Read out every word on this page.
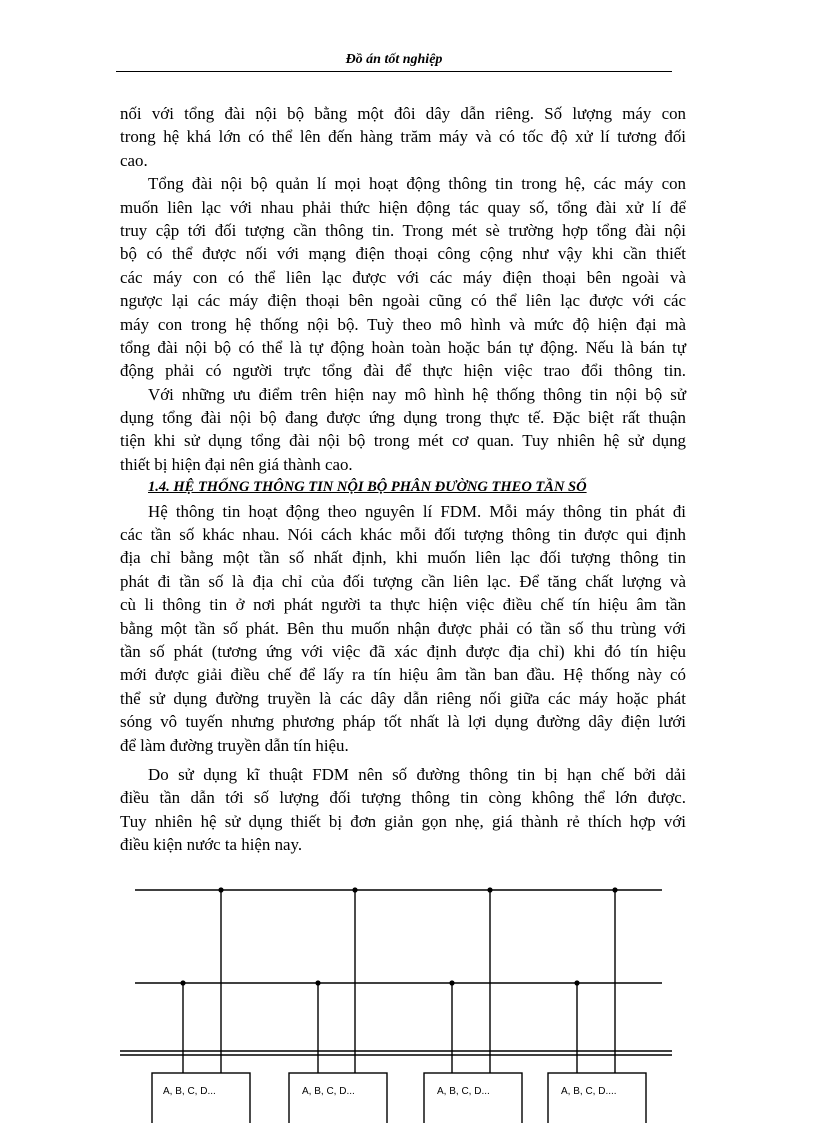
Đồ án tốt nghiệp
nối với tổng đài nội bộ bằng một đôi dây dẫn riêng. Số lượng máy con
trong hệ khá lớn có thể lên đến hàng trăm máy và có tốc độ xử lí tương đối
cao.
Tổng đài nội bộ quản lí mọi hoạt động thông tin trong hệ, các máy con
muốn liên lạc với nhau phải thức hiện động tác quay số, tổng đài xử lí để
truy cập tới đối tượng cần thông tin. Trong mét sè trường hợp tổng đài nội
bộ có thể được nối với mạng điện thoại công cộng như vậy khi cần thiết
các máy con có thể liên lạc được với các máy điện thoại bên ngoài và
ngược lại các máy điện thoại bên ngoài cũng có thể liên lạc được với các
máy con trong hệ thống nội bộ. Tuỳ theo mô hình và mức độ hiện đại mà
tổng đài nội bộ có thể là tự động hoàn toàn hoặc bán tự động. Nếu là bán tự
động phải có người trực tổng đài để thực hiện việc trao đổi thông tin.
Với những ưu điểm trên hiện nay mô hình hệ thống thông tin nội bộ sử
dụng tổng đài nội bộ đang được ứng dụng trong thực tế. Đặc biệt rất thuận
tiện khi sử dụng tổng đài nội bộ trong mét cơ quan. Tuy nhiên hệ sử dụng
thiết bị hiện đại nên giá thành cao.
1.4. HỆ THỐNG THÔNG TIN NỘI BỘ PHÂN ĐƯỜNG THEO TẦN SỐ
Hệ thông tin hoạt động theo nguyên lí FDM. Mỗi máy thông tin phát đi
các tần số khác nhau. Nói cách khác mỗi đối tượng thông tin được qui định
địa chỉ bằng một tần số nhất định, khi muốn liên lạc đối tượng thông tin
phát đi tần số là địa chỉ của đối tượng cần liên lạc. Để tăng chất lượng và
cù li thông tin ở nơi phát người ta thực hiện việc điều chế tín hiệu âm tần
bằng một tần số phát. Bên thu muốn nhận được phải có tần số thu trùng với
tần số phát (tương ứng với việc đã xác định được địa chỉ) khi đó tín hiệu
mới được giải điều chế để lấy ra tín hiệu âm tần ban đầu. Hệ thống này có
thể sử dụng đường truyền là các dây dẫn riêng nối giữa các máy hoặc phát
sóng vô tuyến nhưng phương pháp tốt nhất là lợi dụng đường dây điện lưới
để làm đường truyền dẫn tín hiệu.
Do sử dụng kĩ thuật FDM nên số đường thông tin bị hạn chế bởi dải
điều tần dẫn tới số lượng đối tượng thông tin còng không thể lớn được.
Tuy nhiên hệ sử dụng thiết bị đơn giản gọn nhẹ, giá thành rẻ thích hợp với
điều kiện nước ta hiện nay.
A, B, C, D...	A, B, C, D...	A, B, C, D...	A, B, C, D....
